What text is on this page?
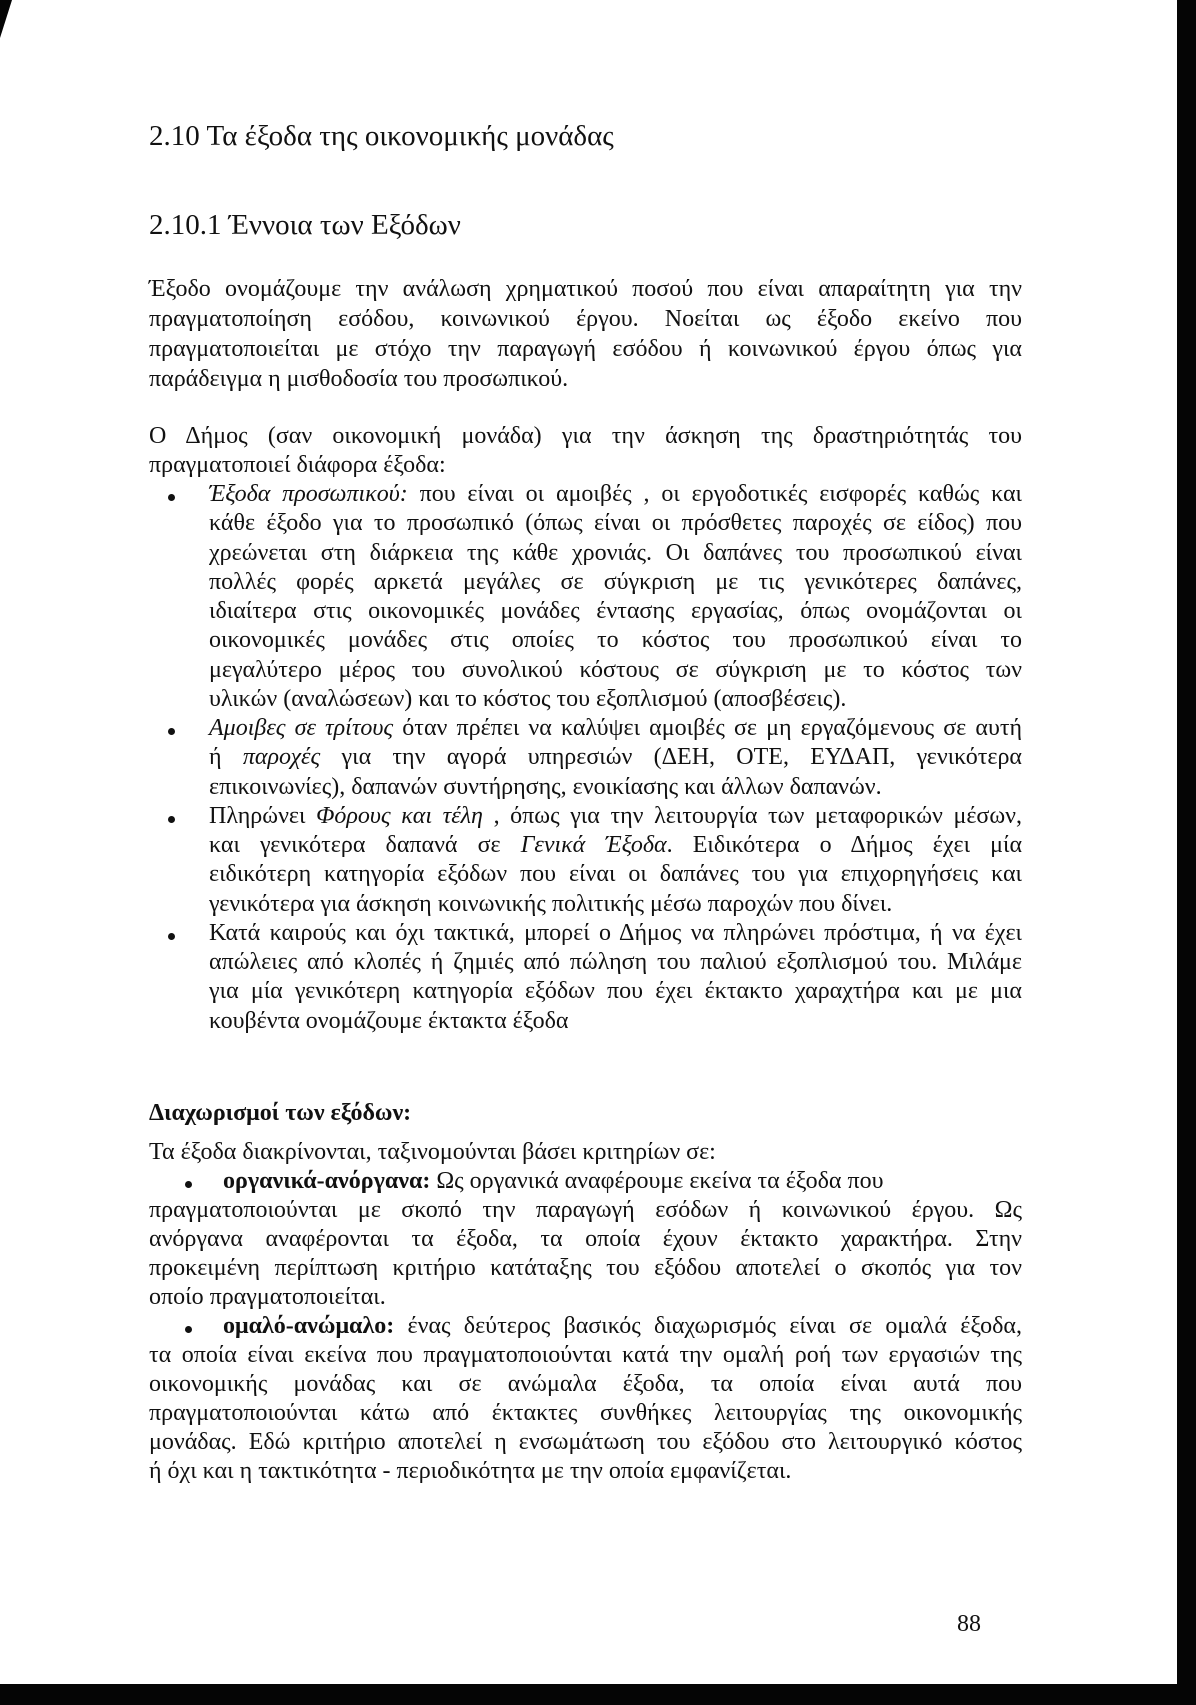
2.10 Τα έξοδα της οικονομικής μονάδας
2.10.1 Έννοια των Εξόδων
Έξοδο ονομάζουμε την ανάλωση χρηματικού ποσού που είναι απαραίτητη για την
πραγματοποίηση εσόδου, κοινωνικού έργου. Νοείται ως έξοδο εκείνο που
πραγματοποιείται με στόχο την παραγωγή εσόδου ή κοινωνικού έργου όπως για
παράδειγμα η μισθοδοσία του προσωπικού.
Ο Δήμος (σαν οικονομική μονάδα) για την άσκηση της δραστηριότητάς του
πραγματοποιεί διάφορα έξοδα:
Έξοδα προσωπικού: που είναι οι αμοιβές , οι εργοδοτικές εισφορές καθώς και
κάθε έξοδο για το προσωπικό (όπως είναι οι πρόσθετες παροχές σε είδος) που
χρεώνεται στη διάρκεια της κάθε χρονιάς. Οι δαπάνες του προσωπικού είναι
πολλές φορές αρκετά μεγάλες σε σύγκριση με τις γενικότερες δαπάνες,
ιδιαίτερα στις οικονομικές μονάδες έντασης εργασίας, όπως ονομάζονται οι
οικονομικές μονάδες στις οποίες το κόστος του προσωπικού είναι το
μεγαλύτερο μέρος του συνολικού κόστους σε σύγκριση με το κόστος των
υλικών (αναλώσεων) και το κόστος του εξοπλισμού (αποσβέσεις).
Αμοιβες σε τρίτους όταν πρέπει να καλύψει αμοιβές σε μη εργαζόμενους σε αυτή
ή παροχές για την αγορά υπηρεσιών (ΔΕΗ, ΟΤΕ, ΕΥΔΑΠ, γενικότερα
επικοινωνίες), δαπανών συντήρησης, ενοικίασης και άλλων δαπανών.
Πληρώνει Φόρους και τέλη , όπως για την λειτουργία των μεταφορικών μέσων,
και γενικότερα δαπανά σε Γενικά Έξοδα. Ειδικότερα ο Δήμος έχει μία
ειδικότερη κατηγορία εξόδων που είναι οι δαπάνες του για επιχορηγήσεις και
γενικότερα για άσκηση κοινωνικής πολιτικής μέσω παροχών που δίνει.
Κατά καιρούς και όχι τακτικά, μπορεί ο Δήμος να πληρώνει πρόστιμα, ή να έχει
απώλειες από κλοπές ή ζημιές από πώληση του παλιού εξοπλισμού του. Μιλάμε
για μία γενικότερη κατηγορία εξόδων που έχει έκτακτο χαραχτήρα και με μια
κουβέντα ονομάζουμε έκτακτα έξοδα
Διαχωρισμοί των εξόδων:
Τα έξοδα διακρίνονται, ταξινομούνται βάσει κριτηρίων σε:
οργανικά-ανόργανα: Ως οργανικά αναφέρουμε εκείνα τα έξοδα που
πραγματοποιούνται με σκοπό την παραγωγή εσόδων ή κοινωνικού έργου. Ως
ανόργανα αναφέρονται τα έξοδα, τα οποία έχουν έκτακτο χαρακτήρα. Στην
προκειμένη περίπτωση κριτήριο κατάταξης του εξόδου αποτελεί ο σκοπός για τον
οποίο πραγματοποιείται.
ομαλό-ανώμαλο: ένας δεύτερος βασικός διαχωρισμός είναι σε ομαλά έξοδα,
τα οποία είναι εκείνα που πραγματοποιούνται κατά την ομαλή ροή των εργασιών της
οικονομικής μονάδας και σε ανώμαλα έξοδα, τα οποία είναι αυτά που
πραγματοποιούνται κάτω από έκτακτες συνθήκες λειτουργίας της οικονομικής
μονάδας. Εδώ κριτήριο αποτελεί η ενσωμάτωση του εξόδου στο λειτουργικό κόστος
ή όχι και η τακτικότητα - περιοδικότητα με την οποία εμφανίζεται.
88
